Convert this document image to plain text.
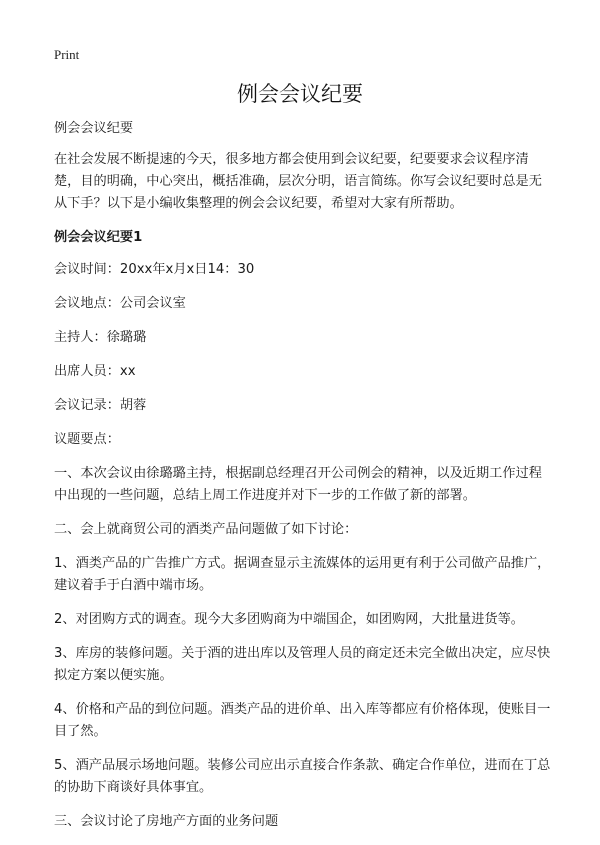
Print
例会会议纪要

例会会议纪要

在社会发展不断提速的今天，很多地方都会使用到会议纪要，纪要要求会议程序清楚，目的明确，中心突出，概括准确，层次分明，语言简练。你写会议纪要时总是无从下手？以下是小编收集整理的例会会议纪要，希望对大家有所帮助。

例会会议纪要1

会议时间：20xx年x月x日14：30

会议地点：公司会议室

主持人：徐璐璐

出席人员：xx

会议记录：胡蓉

议题要点：

一、本次会议由徐璐璐主持，根据副总经理召开公司例会的精神，以及近期工作过程中出现的一些问题，总结上周工作进度并对下一步的工作做了新的部署。

二、会上就商贸公司的酒类产品问题做了如下讨论：

1、酒类产品的广告推广方式。据调查显示主流媒体的运用更有利于公司做产品推广，建议着手于白酒中端市场。

2、对团购方式的调查。现今大多团购商为中端国企，如团购网，大批量进货等。

3、库房的装修问题。关于酒的进出库以及管理人员的商定还未完全做出决定，应尽快拟定方案以便实施。

4、价格和产品的到位问题。酒类产品的进价单、出入库等都应有价格体现，使账目一目了然。

5、酒产品展示场地问题。装修公司应出示直接合作条款、确定合作单位，进而在丁总的协助下商谈好具体事宜。

三、会议讨论了房地产方面的业务问题
